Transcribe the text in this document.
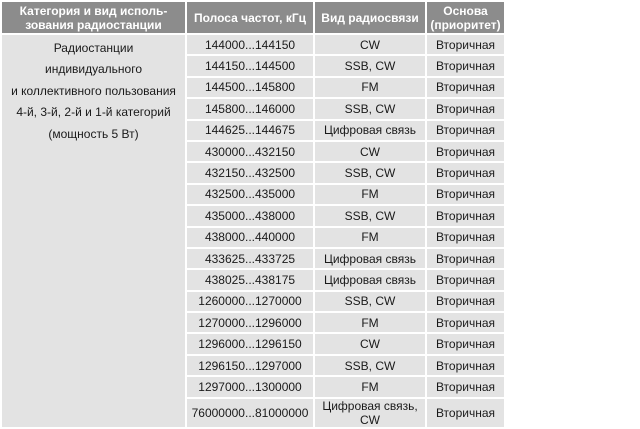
Категория и вид исполь-зования радиостанции	Полоса частот, кГц	Вид радиосвязи	Основа (приоритет)

Радиостанции индивидуального
и коллективного пользования
4-й, 3-й, 2-й и 1-й категорий
(мощность 5 Вт)	144000...144150	CW	Вторичная
	144150...144500	SSB, CW	Вторичная
	144500...145800	FM	Вторичная
	145800...146000	SSB, CW	Вторичная
	144625...144675	Цифровая связь	Вторичная
	430000...432150	CW	Вторичная
	432150...432500	SSB, CW	Вторичная
	432500...435000	FM	Вторичная
	435000...438000	SSB, CW	Вторичная
	438000...440000	FM	Вторичная
	433625...433725	Цифровая связь	Вторичная
	438025...438175	Цифровая связь	Вторичная
	1260000...1270000	SSB, CW	Вторичная
	1270000...1296000	FM	Вторичная
	1296000...1296150	CW	Вторичная
	1296150...1297000	SSB, CW	Вторичная
	1297000...1300000	FM	Вторичная
	76000000...81000000	Цифровая связь, CW	Вторичная
